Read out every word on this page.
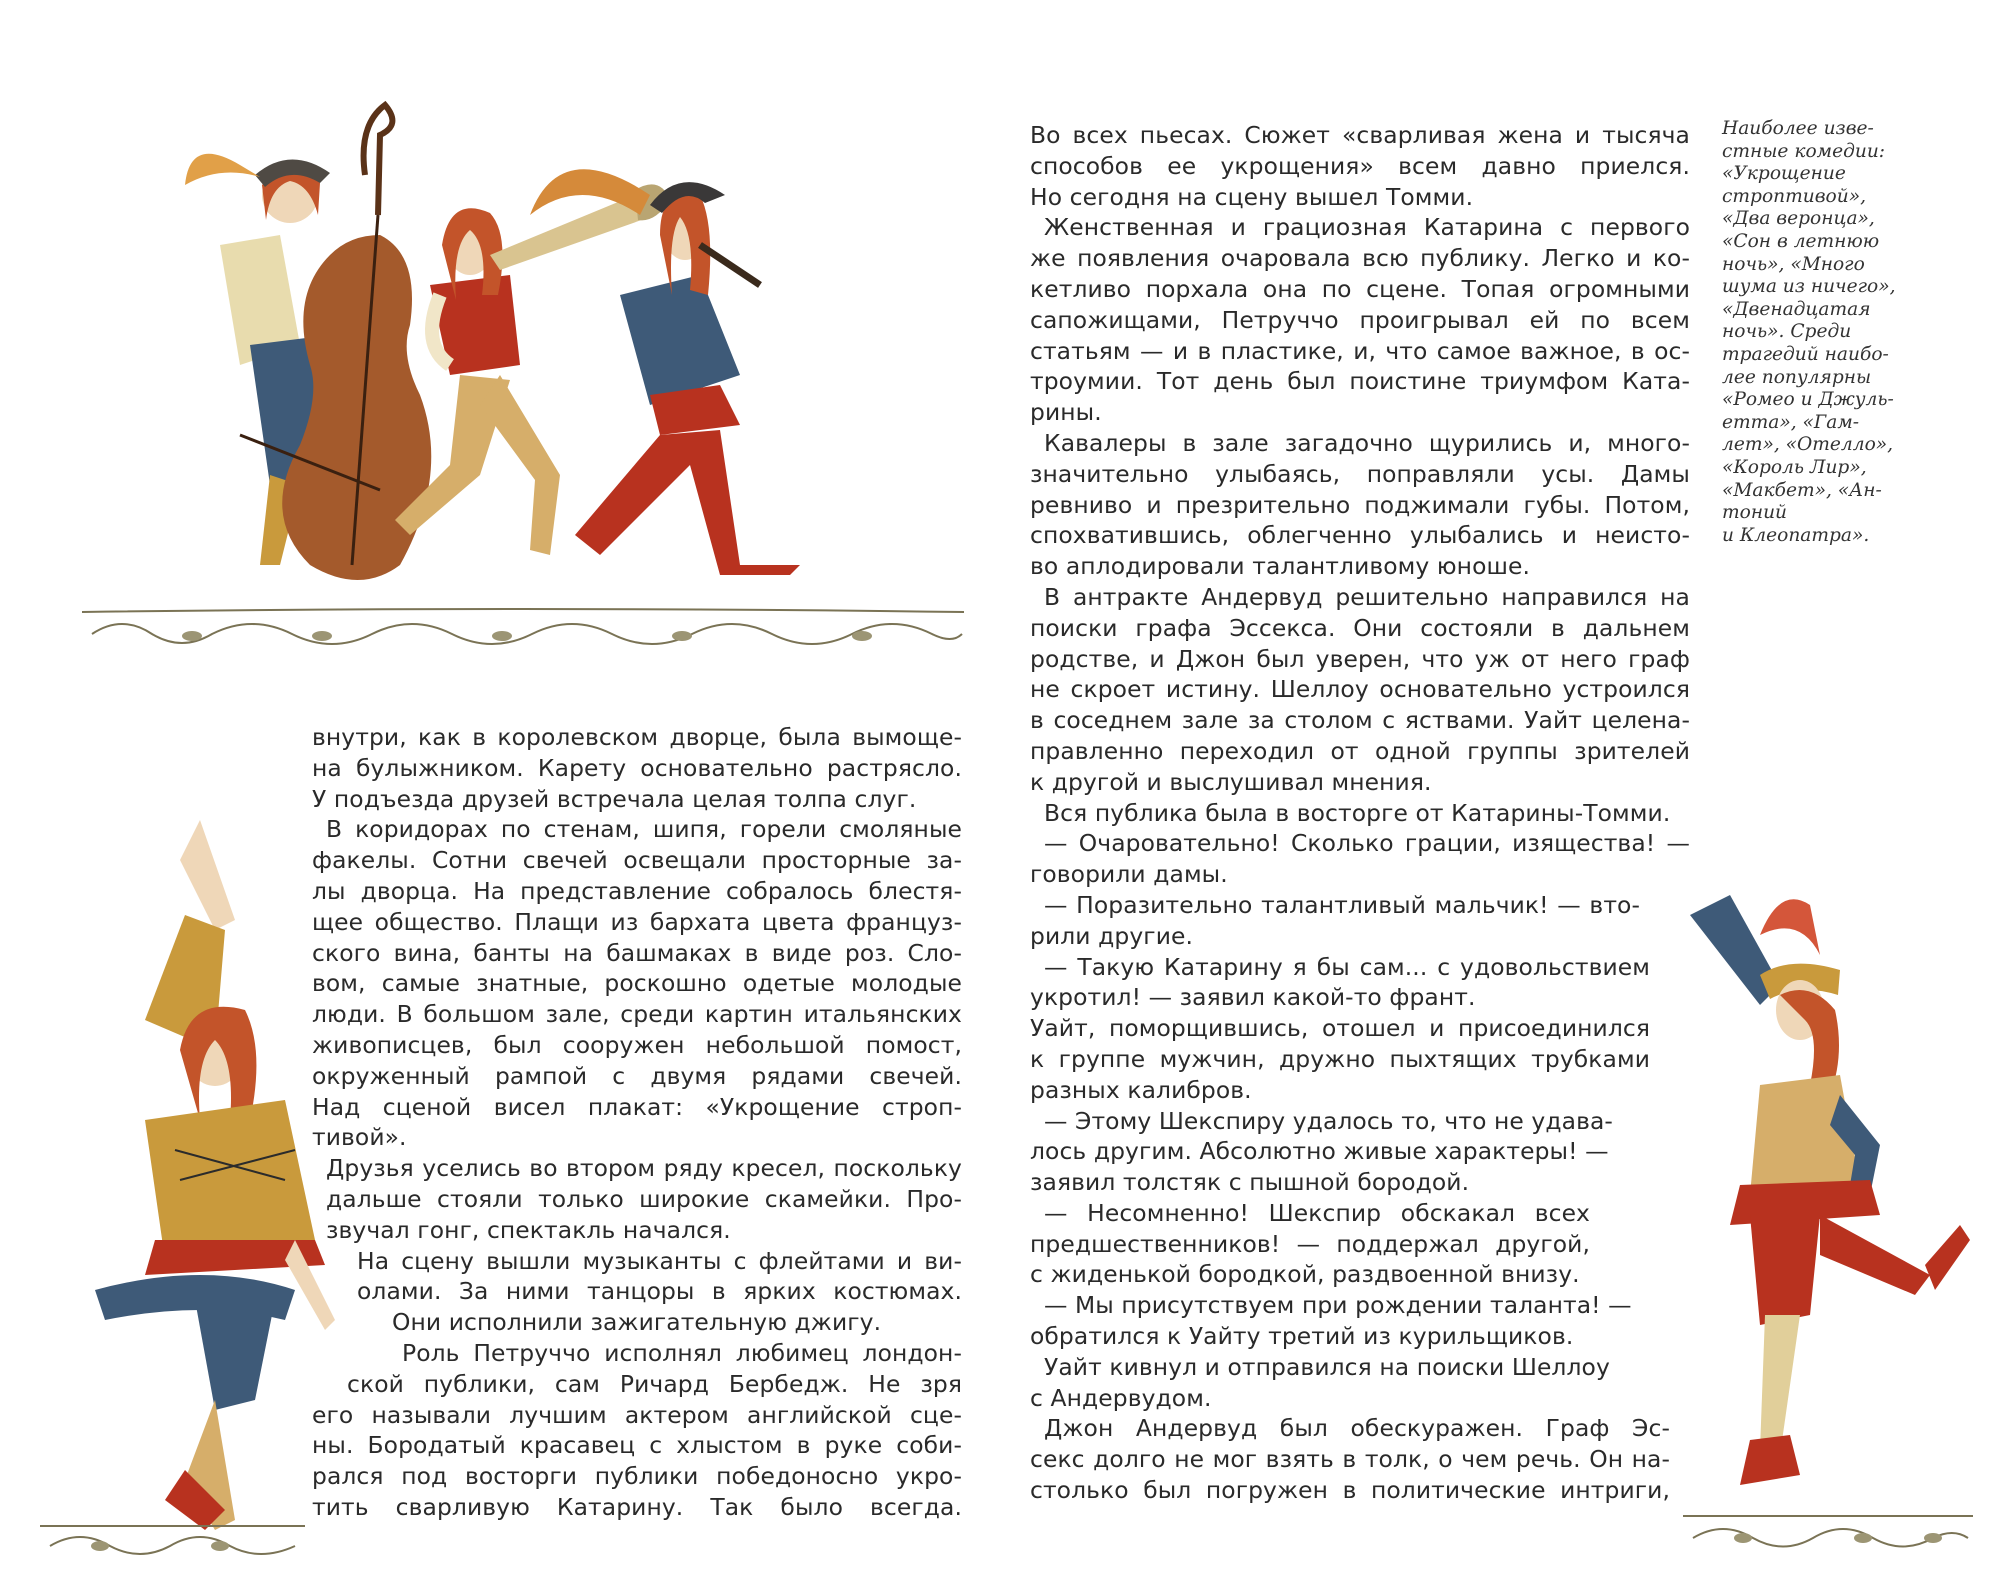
внутри, как в королевском дворце, была вымоще-

на булыжником. Карету основательно растрясло.

У подъезда друзей встречала целая толпа слуг.

В коридорах по стенам, шипя, горели смоляные

факелы. Сотни свечей освещали просторные за-

лы дворца. На представление собралось блестя-

щее общество. Плащи из бархата цвета француз-

ского вина, банты на башмаках в виде роз. Сло-

вом, самые знатные, роскошно одетые молодые

люди. В большом зале, среди картин итальянских

живописцев, был сооружен небольшой помост,

окруженный рампой с двумя рядами свечей.

Над сценой висел плакат: «Укрощение строп-

тивой».

Друзья уселись во втором ряду кресел, поскольку

дальше стояли только широкие скамейки. Про-

звучал гонг, спектакль начался.

На сцену вышли музыканты с флейтами и ви-

олами. За ними танцоры в ярких костюмах.

Они исполнили зажигательную джигу.

Роль Петруччо исполнял любимец лондон-

ской публики, сам Ричард Бербедж. Не зря

его называли лучшим актером английской сце-

ны. Бородатый красавец с хлыстом в руке соби-

рался под восторги публики победоносно укро-

тить сварливую Катарину. Так было всегда.

Во всех пьесах. Сюжет «сварливая жена и тысяча

способов ее укрощения» всем давно приелся.

Но сегодня на сцену вышел Томми.

Женственная и грациозная Катарина с первого

же появления очаровала всю публику. Легко и ко-

кетливо порхала она по сцене. Топая огромными

сапожищами, Петруччо проигрывал ей по всем

статьям — и в пластике, и, что самое важное, в ос-

троумии. Тот день был поистине триумфом Ката-

рины.

Кавалеры в зале загадочно щурились и, много-

значительно улыбаясь, поправляли усы. Дамы

ревниво и презрительно поджимали губы. Потом,

спохватившись, облегченно улыбались и неисто-

во аплодировали талантливому юноше.

В антракте Андервуд решительно направился на

поиски графа Эссекса. Они состояли в дальнем

родстве, и Джон был уверен, что уж от него граф

не скроет истину. Шеллоу основательно устроился

в соседнем зале за столом с яствами. Уайт целена-

правленно переходил от одной группы зрителей

к другой и выслушивал мнения.

Вся публика была в восторге от Катарины-Томми.

— Очаровательно! Сколько грации, изящества! —

говорили дамы.

— Поразительно талантливый мальчик! — вто-

рили другие.

— Такую Катарину я бы сам... с удовольствием

укротил! — заявил какой-то франт.

Уайт, поморщившись, отошел и присоединился

к группе мужчин, дружно пыхтящих трубками

разных калибров.

— Этому Шекспиру удалось то, что не удава-

лось другим. Абсолютно живые характеры! —

заявил толстяк с пышной бородой.

— Несомненно! Шекспир обскакал всех

предшественников! — поддержал другой,

с жиденькой бородкой, раздвоенной внизу.

— Мы присутствуем при рождении таланта! —

обратился к Уайту третий из курильщиков.

Уайт кивнул и отправился на поиски Шеллоу

с Андервудом.

Джон Андервуд был обескуражен. Граф Эс-

секс долго не мог взять в толк, о чем речь. Он на-

столько был погружен в политические интриги,

Наиболее изве-

стные комедии:

«Укрощение

строптивой»,

«Два веронца»,

«Сон в летнюю

ночь», «Много

шума из ничего»,

«Двенадцатая

ночь». Среди

трагедий наибо-

лее популярны

«Ромео и Джуль-

етта», «Гам-

лет», «Отелло»,

«Король Лир»,

«Макбет», «Ан-

тоний

и Клеопатра».
